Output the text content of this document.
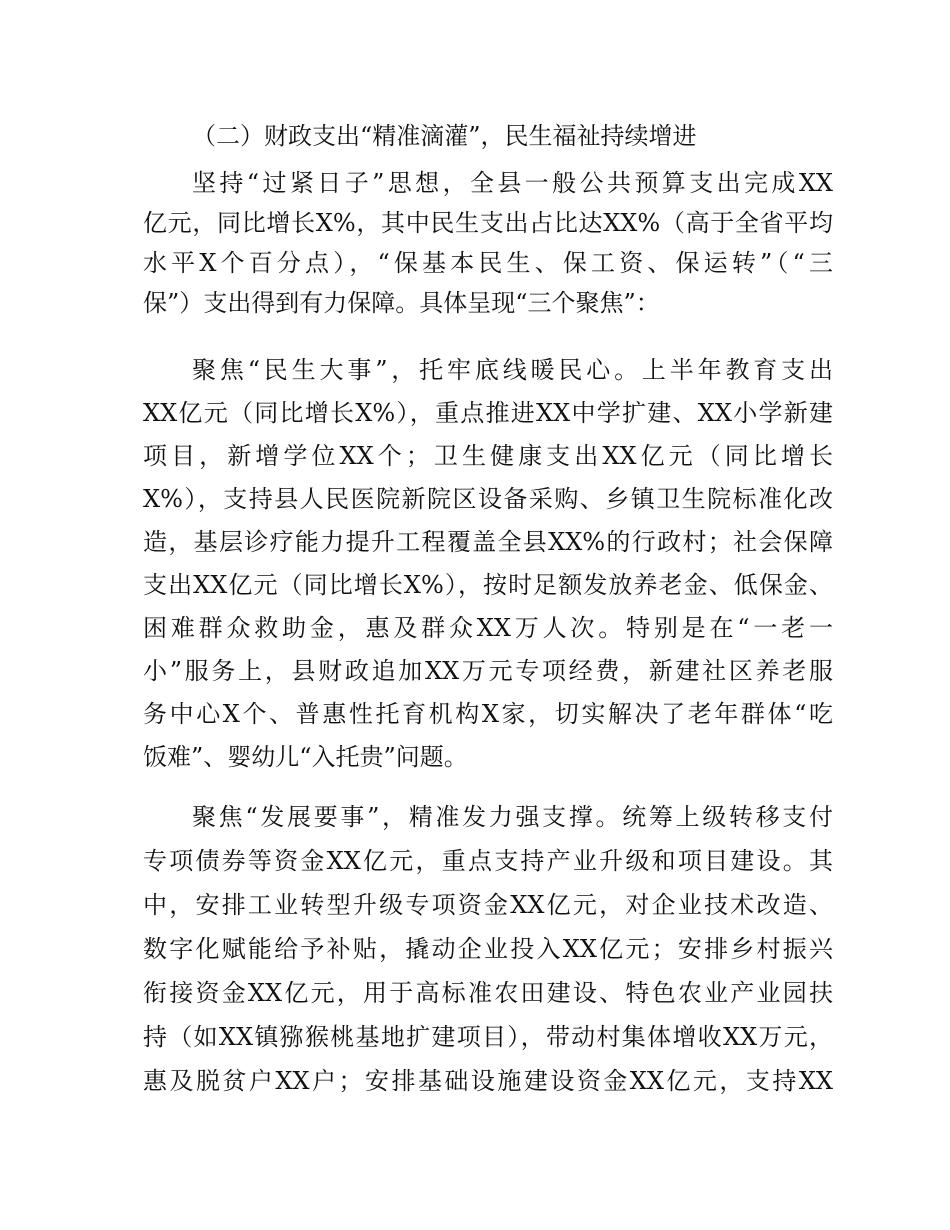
（二）财政支出“精准滴灌”，民生福祉持续增进
坚持“过紧日子”思想，全县一般公共预算支出完成XX
亿元，同比增长X%，其中民生支出占比达XX%（高于全省平均
水平X个百分点），“保基本民生、保工资、保运转”（“三
保”）支出得到有力保障。具体呈现“三个聚焦”：
聚焦“民生大事”，托牢底线暖民心。上半年教育支出
XX亿元（同比增长X%），重点推进XX中学扩建、XX小学新建
项目，新增学位XX个；卫生健康支出XX亿元（同比增长
X%），支持县人民医院新院区设备采购、乡镇卫生院标准化改
造，基层诊疗能力提升工程覆盖全县XX%的行政村；社会保障
支出XX亿元（同比增长X%），按时足额发放养老金、低保金、
困难群众救助金，惠及群众XX万人次。特别是在“一老一
小”服务上，县财政追加XX万元专项经费，新建社区养老服
务中心X个、普惠性托育机构X家，切实解决了老年群体“吃
饭难”、婴幼儿“入托贵”问题。
聚焦“发展要事”，精准发力强支撑。统筹上级转移支付
专项债券等资金XX亿元，重点支持产业升级和项目建设。其
中，安排工业转型升级专项资金XX亿元，对企业技术改造、
数字化赋能给予补贴，撬动企业投入XX亿元；安排乡村振兴
衔接资金XX亿元，用于高标准农田建设、特色农业产业园扶
持（如XX镇猕猴桃基地扩建项目），带动村集体增收XX万元，
惠及脱贫户XX户；安排基础设施建设资金XX亿元，支持XX
